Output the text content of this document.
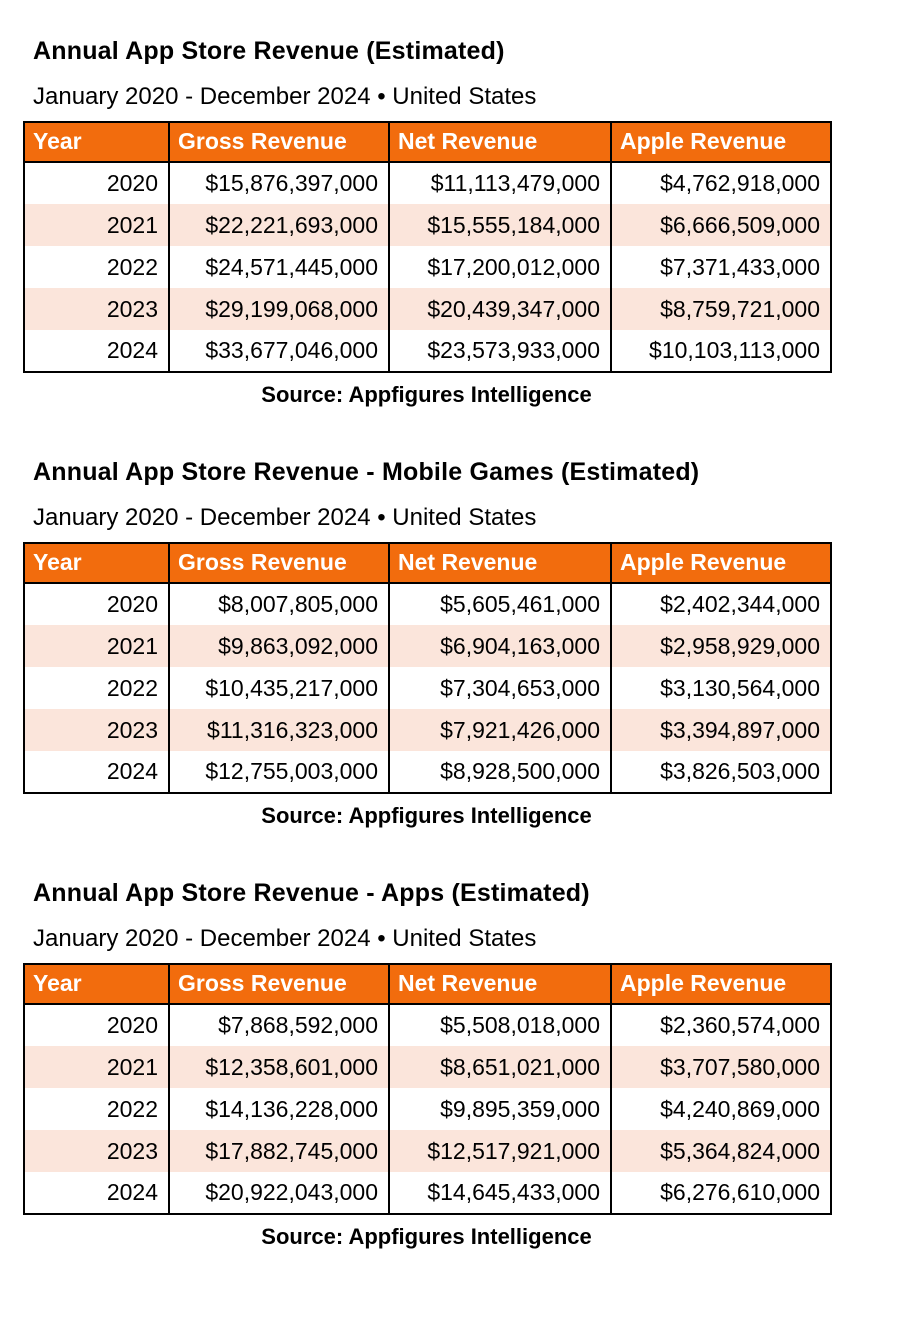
Annual App Store Revenue (Estimated)

January 2020 - December 2024 • United States

Year	Gross Revenue	Net Revenue	Apple Revenue
2020	$15,876,397,000	$11,113,479,000	$4,762,918,000
2021	$22,221,693,000	$15,555,184,000	$6,666,509,000
2022	$24,571,445,000	$17,200,012,000	$7,371,433,000
2023	$29,199,068,000	$20,439,347,000	$8,759,721,000
2024	$33,677,046,000	$23,573,933,000	$10,103,113,000
Source: Appfigures Intelligence
Annual App Store Revenue - Mobile Games (Estimated)

January 2020 - December 2024 • United States

Year	Gross Revenue	Net Revenue	Apple Revenue
2020	$8,007,805,000	$5,605,461,000	$2,402,344,000
2021	$9,863,092,000	$6,904,163,000	$2,958,929,000
2022	$10,435,217,000	$7,304,653,000	$3,130,564,000
2023	$11,316,323,000	$7,921,426,000	$3,394,897,000
2024	$12,755,003,000	$8,928,500,000	$3,826,503,000
Source: Appfigures Intelligence
Annual App Store Revenue - Apps (Estimated)

January 2020 - December 2024 • United States

Year	Gross Revenue	Net Revenue	Apple Revenue
2020	$7,868,592,000	$5,508,018,000	$2,360,574,000
2021	$12,358,601,000	$8,651,021,000	$3,707,580,000
2022	$14,136,228,000	$9,895,359,000	$4,240,869,000
2023	$17,882,745,000	$12,517,921,000	$5,364,824,000
2024	$20,922,043,000	$14,645,433,000	$6,276,610,000
Source: Appfigures Intelligence
